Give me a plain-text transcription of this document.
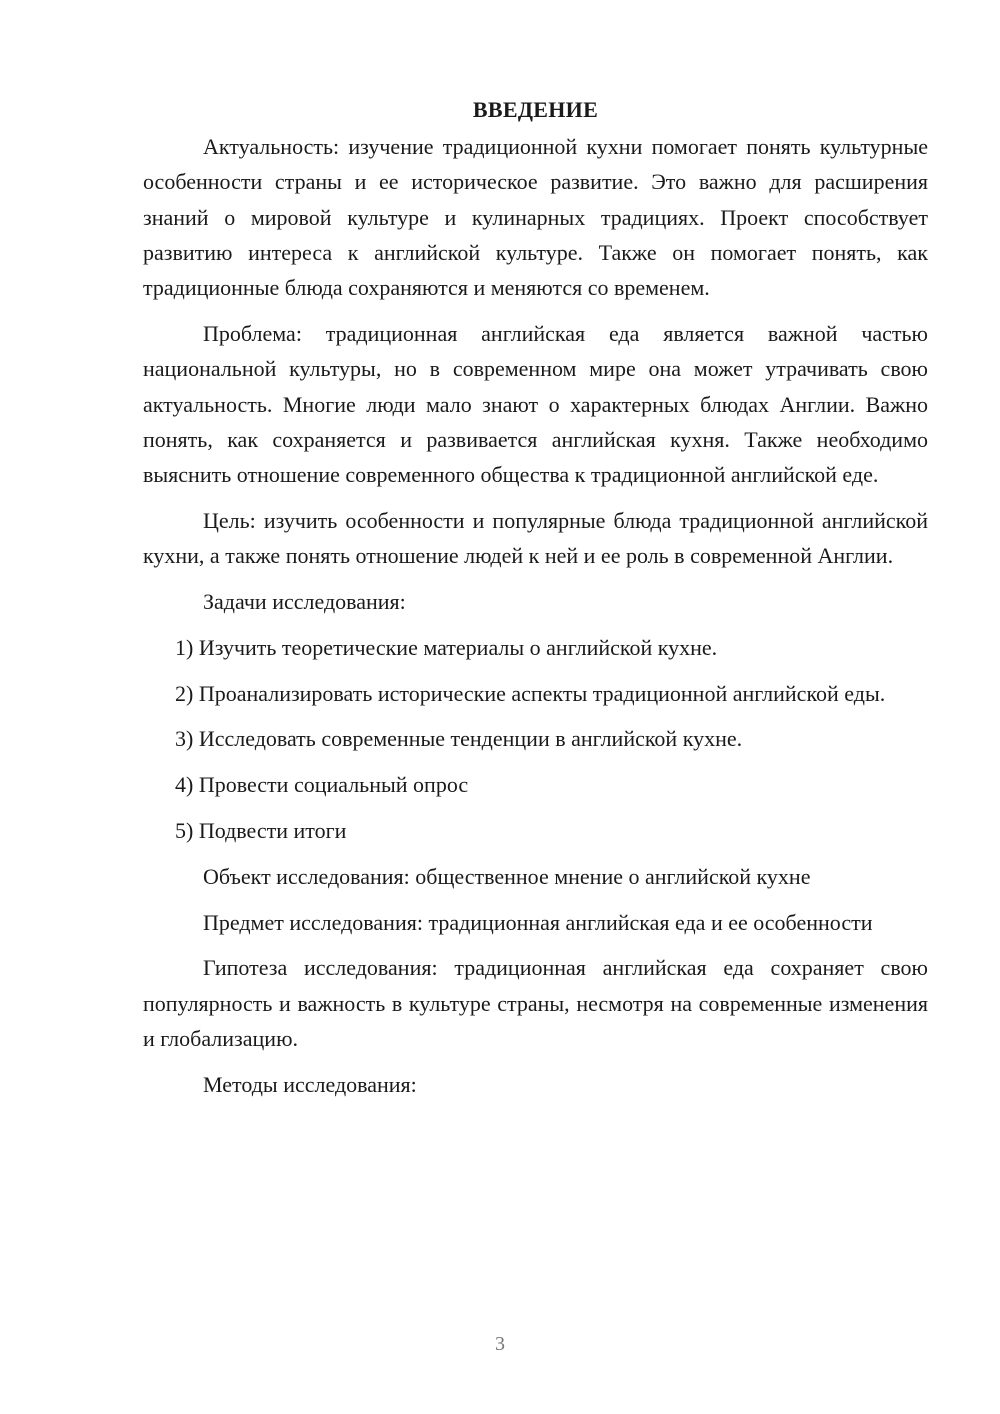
ВВЕДЕНИЕ

Актуальность: изучение традиционной кухни помогает понять культурные особенности страны и ее историческое развитие. Это важно для расширения знаний о мировой культуре и кулинарных традициях. Проект способствует развитию интереса к английской культуре. Также он помогает понять, как традиционные блюда сохраняются и меняются со временем.

Проблема: традиционная английская еда является важной частью национальной культуры, но в современном мире она может утрачивать свою актуальность. Многие люди мало знают о характерных блюдах Англии. Важно понять, как сохраняется и развивается английская кухня. Также необходимо выяснить отношение современного общества к традиционной английской еде.

Цель: изучить особенности и популярные блюда традиционной английской кухни, а также понять отношение людей к ней и ее роль в современной Англии.

Задачи исследования:

1) Изучить теоретические материалы о английской кухне.

2) Проанализировать исторические аспекты традиционной английской еды.

3) Исследовать современные тенденции в английской кухне.

4) Провести социальный опрос

5) Подвести итоги

Объект исследования: общественное мнение о английской кухне

Предмет исследования: традиционная английская еда и ее особенности

Гипотеза исследования: традиционная английская еда сохраняет свою популярность и важность в культуре страны, несмотря на современные изменения и глобализацию.

Методы исследования:

3
